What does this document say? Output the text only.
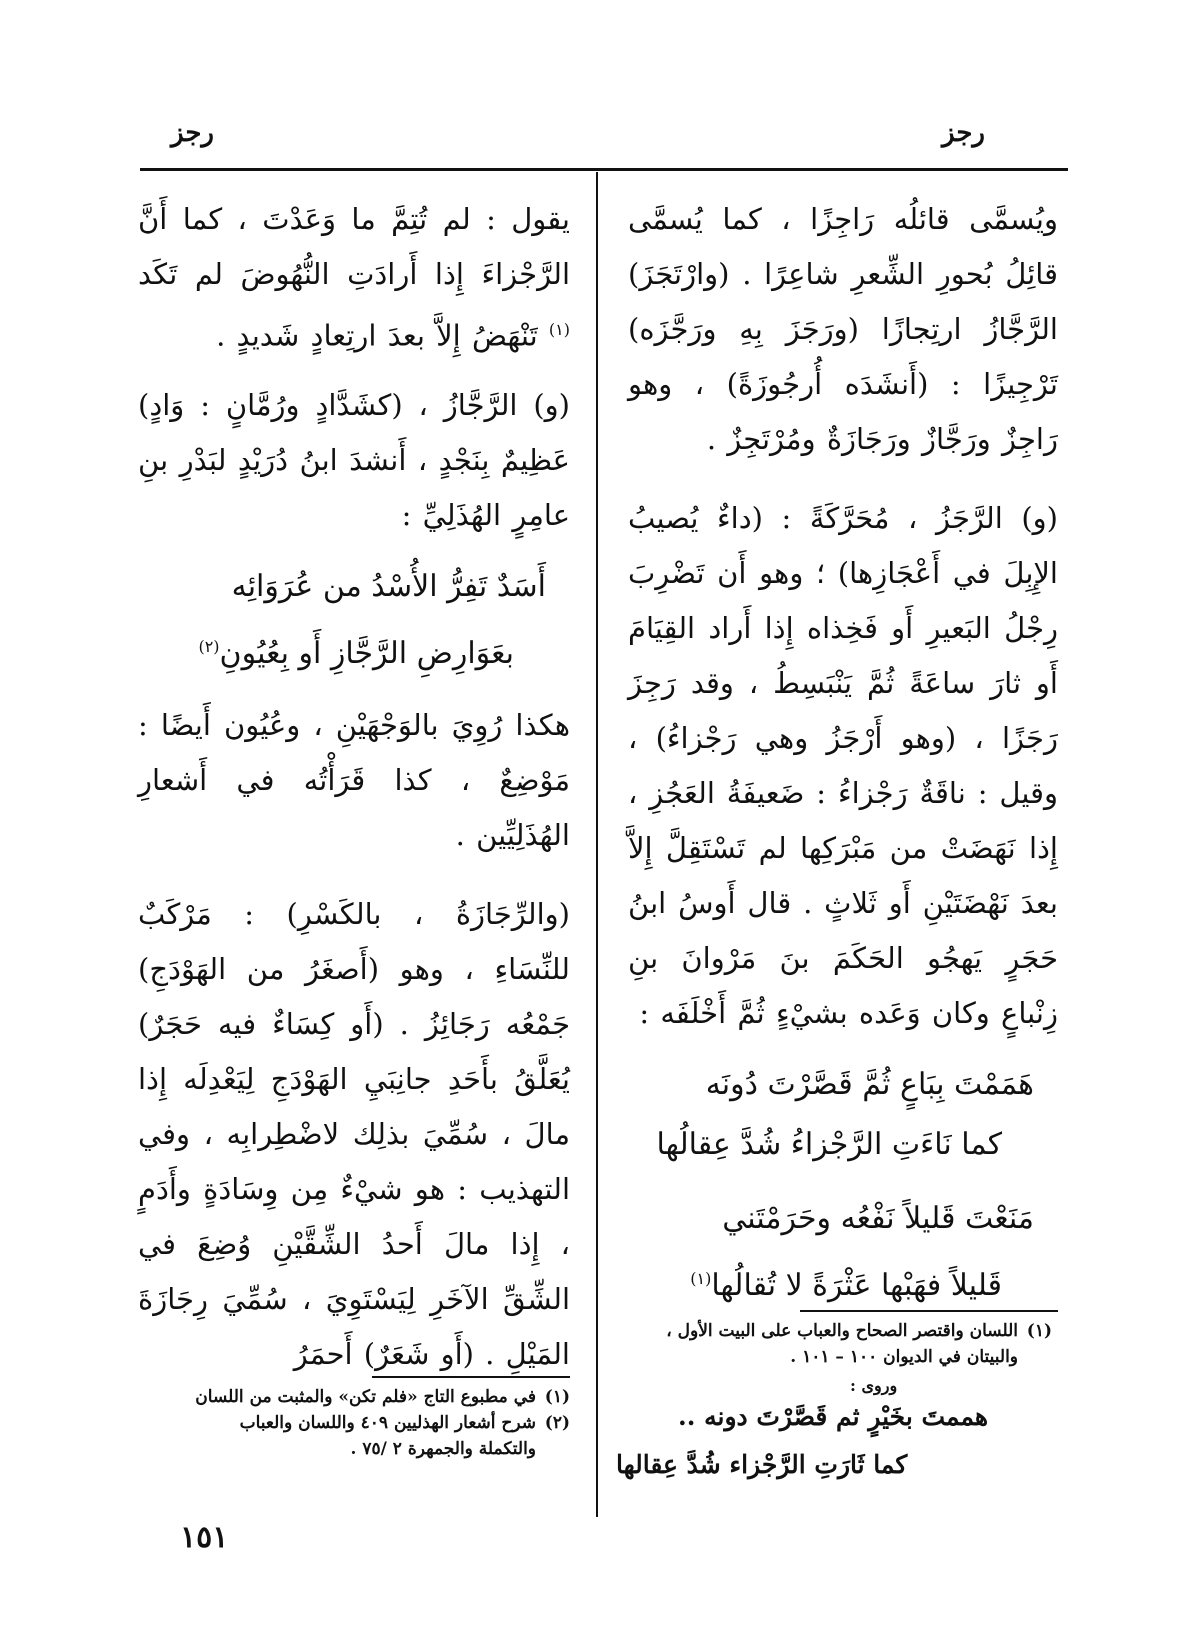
رجز
رجز

ويُسمَّى قائلُه رَاجِزًا ، كما يُسمَّى قائِلُ بُحورِ الشِّعرِ شاعِرًا . (وارْتَجَزَ) الرَّجَّازُ ارتِجازًا (ورَجَزَ بِهِ ورَجَّزَه) تَرْجِيزًا : (أَنشَدَه أُرجُوزَةً) ، وهو رَاجِزٌ ورَجَّازٌ ورَجَازَةٌ ومُرْتَجِزٌ .

(و) الرَّجَزُ ، مُحَرَّكَةً : (داءٌ يُصيبُ الإِبِلَ في أَعْجَازِها) ؛ وهو أَن تَضْرِبَ رِجْلُ البَعيرِ أَو فَخِذاه إِذا أَراد القِيَامَ أَو ثارَ ساعَةً ثُمَّ يَنْبَسِطُ ، وقد رَجِزَ رَجَزًا ، (وهو أَرْجَزُ وهي رَجْزاءُ) ، وقيل : ناقَةٌ رَجْزاءُ : ضَعيفَةُ العَجُزِ ، إِذا نَهَضَتْ من مَبْرَكِها لم تَسْتَقِلَّ إِلاَّ بعدَ نَهْضَتَيْنِ أَو ثَلاثٍ . قال أَوسُ ابنُ حَجَرٍ يَهجُو الحَكَمَ بنَ مَرْوانَ بنِ زِنْباعٍ وكان وَعَده بشيْءٍ ثُمَّ أَخْلَفَه :

هَمَمْتَ بِبَاعٍ ثُمَّ قَصَّرْتَ دُونَه

كما نَاءَتِ الرَّجْزاءُ شُدَّ عِقالُها

مَنَعْتَ قَليلاً نَفْعُه وحَرَمْتَني

قَليلاً فهَبْها عَثْرَةً لا تُقالُها$^{(١)}$

يقول : لم تُتِمَّ ما وَعَدْتَ ، كما أَنَّ الرَّجْزاءَ إِذا أَرادَتِ النُّهُوضَ لم تَكَد $^{(١)}$ تَنْهَضُ إِلاَّ بعدَ ارتِعادٍ شَديدٍ .

(و) الرَّجَّازُ ، (كشَدَّادٍ ورُمَّانٍ : وَادٍ) عَظِيمٌ بِنَجْدٍ ، أَنشدَ ابنُ دُرَيْدٍ لبَدْرِ بنِ عامِرٍ الهُذَلِيِّ :

أَسَدٌ تَفِرُّ الأُسْدُ من عُرَوَائِه

بعَوَارِضِ الرَّجَّازِ أَو بِعُيُونِ$^{(٢)}$

هكذا رُوِيَ بالوَجْهَيْنِ ، وعُيُون أَيضًا : مَوْضِعٌ ، كذا قَرَأْتُه في أَشعارِ الهُذَلِيِّين .

(والرِّجَازَةُ ، بالكَسْرِ) : مَرْكَبٌ للنِّسَاءِ ، وهو (أَصغَرُ من الهَوْدَجِ) جَمْعُه رَجَائِزُ . (أَو كِسَاءٌ فيه حَجَرٌ) يُعَلَّقُ بأَحَدِ جانِبَيِ الهَوْدَجِ لِيَعْدِلَه إِذا مالَ ، سُمِّيَ بذلِك لاضْطِرابِه ، وفي التهذيب : هو شيْءٌ مِن وِسَادَةٍ وأَدَمٍ ، إِذا مالَ أَحدُ الشِّقَّيْنِ وُضِعَ في الشِّقِّ الآخَرِ لِيَسْتَوِيَ ، سُمِّيَ رِجَازَةَ المَيْلِ . (أَو شَعَرٌ) أَحمَرُ

(١)اللسان واقتصر الصحاح والعباب على البيت الأول ،
والبيتان في الديوان ١٠٠ – ١٠١ .
وروى :
هممتَ بخَيْرٍ ثم قَصَّرْتَ دونه ..
كما ثَارَتِ الرَّجْزاء شُدَّ عِقالها
(١)في مطبوع التاج «فلم تكن» والمثبت من اللسان
(٢)شرح أشعار الهذليين ٤٠٩ واللسان والعباب
والتكملة والجمهرة ٢ /٧٥ .
١٥١
